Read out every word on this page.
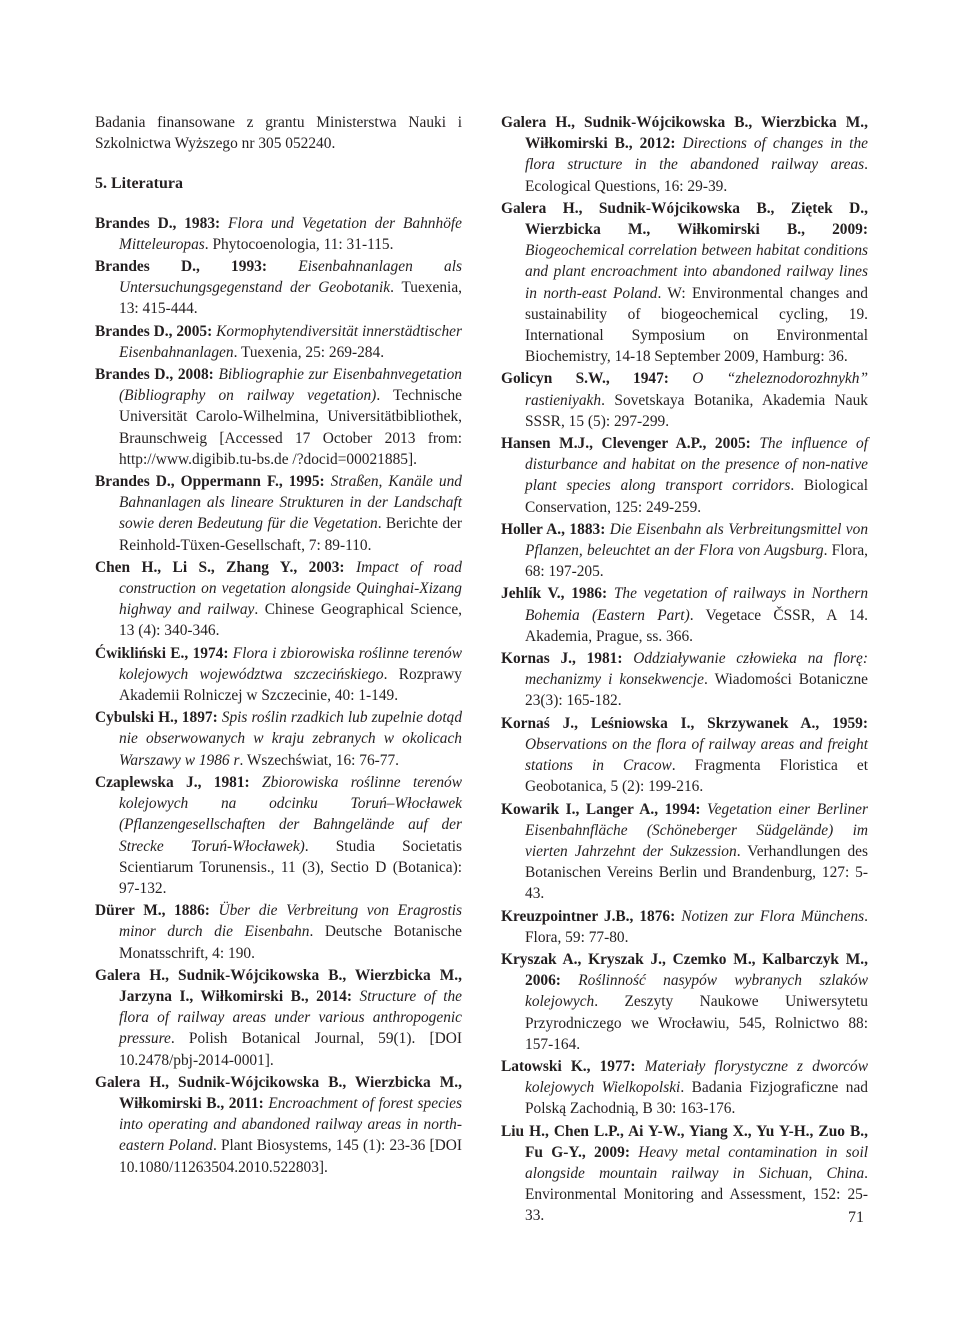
Badania finansowane z grantu Ministerstwa Nauki i Szkolnictwa Wyższego nr 305 052240.

5. Literatura

Brandes D., 1983: Flora und Vegetation der Bahnhöfe Mitteleuropas. Phytocoenologia, 11: 31-115.

Brandes D., 1993: Eisenbahnanlagen als Untersuchungsgegenstand der Geobotanik. Tuexenia, 13: 415-444.

Brandes D., 2005: Kormophytendiversität innerstädtischer Eisenbahnanlagen. Tuexenia, 25: 269-284.

Brandes D., 2008: Bibliographie zur Eisenbahnvegetation (Bibliography on railway vegetation). Technische Universität Carolo-Wilhelmina, Universitätbibliothek, Braunschweig [Accessed 17 October 2013 from: http://www.digibib.tu-bs.de /?docid=00021885].

Brandes D., Oppermann F., 1995: Straßen, Kanäle und Bahnanlagen als lineare Strukturen in der Landschaft sowie deren Bedeutung für die Vegetation. Berichte der Reinhold-Tüxen-Gesellschaft, 7: 89-110.

Chen H., Li S., Zhang Y., 2003: Impact of road construction on vegetation alongside Quinghai-Xizang highway and railway. Chinese Geographical Science, 13 (4): 340-346.

Ćwikliński E., 1974: Flora i zbiorowiska roślinne terenów kolejowych województwa szczecińskiego. Rozprawy Akademii Rolniczej w Szczecinie, 40: 1-149.

Cybulski H., 1897: Spis roślin rzadkich lub zupelnie dotąd nie obserwowanych w kraju zebranych w okolicach Warszawy w 1986 r. Wszechświat, 16: 76-77.

Czaplewska J., 1981: Zbiorowiska roślinne terenów kolejowych na odcinku Toruń–Włocławek (Pflanzengesellschaften der Bahngelände auf der Strecke Toruń-Włocławek). Studia Societatis Scientiarum Torunensis., 11 (3), Sectio D (Botanica): 97-132.

Dürer M., 1886: Über die Verbreitung von Eragrostis minor durch die Eisenbahn. Deutsche Botanische Monatsschrift, 4: 190.

Galera H., Sudnik-Wójcikowska B., Wierzbicka M., Jarzyna I., Wiłkomirski B., 2014: Structure of the flora of railway areas under various anthropogenic pressure. Polish Botanical Journal, 59(1). [DOI 10.2478/pbj-2014-0001].

Galera H., Sudnik-Wójcikowska B., Wierzbicka M., Wiłkomirski B., 2011: Encroachment of forest species into operating and abandoned railway areas in north-eastern Poland. Plant Biosystems, 145 (1): 23-36 [DOI 10.1080/11263504.2010.522803].

Galera H., Sudnik-Wójcikowska B., Wierzbicka M., Wiłkomirski B., 2012: Directions of changes in the flora structure in the abandoned railway areas. Ecological Questions, 16: 29-39.

Galera H., Sudnik-Wójcikowska B., Ziętek D., Wierzbicka M., Wiłkomirski B., 2009: Biogeochemical correlation between habitat conditions and plant encroachment into abandoned railway lines in north-east Poland. W: Environmental changes and sustainability of biogeochemical cycling, 19. International Symposium on Environmental Biochemistry, 14-18 September 2009, Hamburg: 36.

Golicyn S.W., 1947: O “zheleznodorozhnykh” rastieniyakh. Sovetskaya Botanika, Akademia Nauk SSSR, 15 (5): 297-299.

Hansen M.J., Clevenger A.P., 2005: The influence of disturbance and habitat on the presence of non-native plant species along transport corridors. Biological Conservation, 125: 249-259.

Holler A., 1883: Die Eisenbahn als Verbreitungsmittel von Pflanzen, beleuchtet an der Flora von Augsburg. Flora, 68: 197-205.

Jehlík V., 1986: The vegetation of railways in Northern Bohemia (Eastern Part). Vegetace ČSSR, A 14. Akademia, Prague, ss. 366.

Kornas J., 1981: Oddziaływanie człowieka na florę: mechanizmy i konsekwencje. Wiadomości Botaniczne 23(3): 165-182.

Kornaś J., Leśniowska I., Skrzywanek A., 1959: Observations on the flora of railway areas and freight stations in Cracow. Fragmenta Floristica et Geobotanica, 5 (2): 199-216.

Kowarik I., Langer A., 1994: Vegetation einer Berliner Eisenbahnfläche (Schöneberger Südgelände) im vierten Jahrzehnt der Sukzession. Verhandlungen des Botanischen Vereins Berlin und Brandenburg, 127: 5-43.

Kreuzpointner J.B., 1876: Notizen zur Flora Münchens. Flora, 59: 77-80.

Kryszak A., Kryszak J., Czemko M., Kalbarczyk M., 2006: Roślinność nasypów wybranych szlaków kolejowych. Zeszyty Naukowe Uniwersytetu Przyrodniczego we Wrocławiu, 545, Rolnictwo 88: 157-164.

Latowski K., 1977: Materiały florystyczne z dworców kolejowych Wielkopolski. Badania Fizjograficzne nad Polską Zachodnią, B 30: 163-176.

Liu H., Chen L.P., Ai Y-W., Yiang X., Yu Y-H., Zuo B., Fu G-Y., 2009: Heavy metal contamination in soil alongside mountain railway in Sichuan, China. Environmental Monitoring and Assessment, 152: 25-33.	71
